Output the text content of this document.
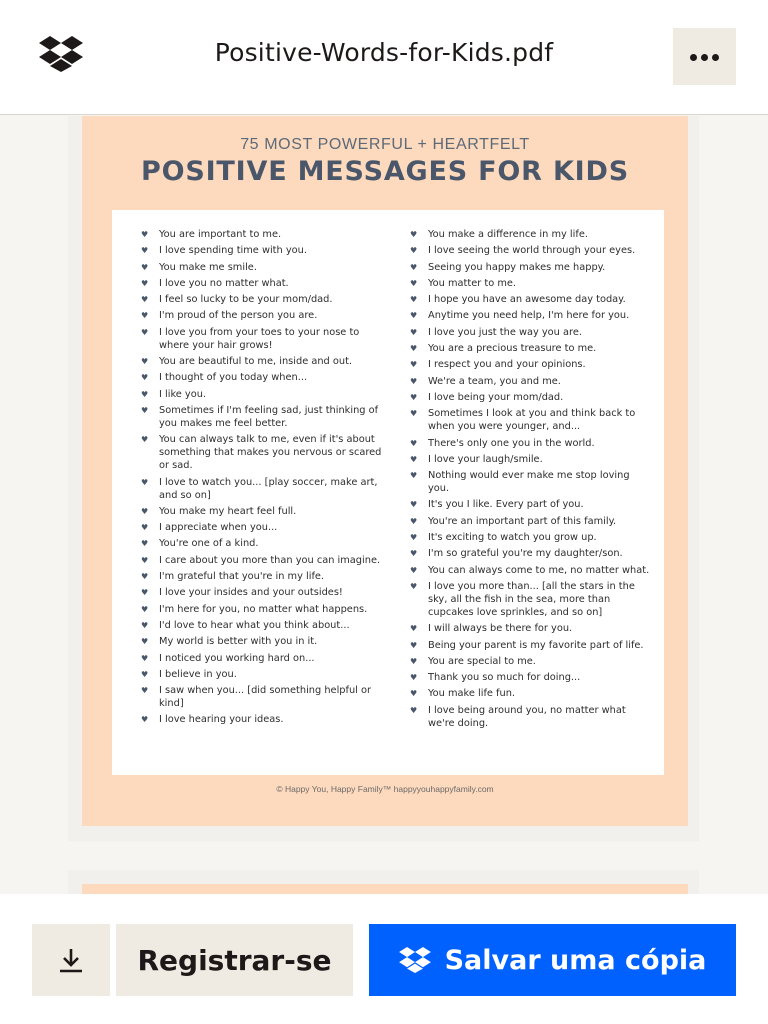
Positive-Words-for-Kids.pdf
75 MOST POWERFUL + HEARTFELT
POSITIVE MESSAGES FOR KIDS
♥	You are important to me.
♥	I love spending time with you.
♥	You make me smile.
♥	I love you no matter what.
♥	I feel so lucky to be your mom/dad.
♥	I'm proud of the person you are.
♥	I love you from your toes to your nose to where your hair grows!
♥	You are beautiful to me, inside and out.
♥	I thought of you today when...
♥	I like you.
♥	Sometimes if I'm feeling sad, just thinking of you makes me feel better.
♥	You can always talk to me, even if it's about something that makes you nervous or scared or sad.
♥	I love to watch you... [play soccer, make art, and so on]
♥	You make my heart feel full.
♥	I appreciate when you...
♥	You're one of a kind.
♥	I care about you more than you can imagine.
♥	I'm grateful that you're in my life.
♥	I love your insides and your outsides!
♥	I'm here for you, no matter what happens.
♥	I'd love to hear what you think about...
♥	My world is better with you in it.
♥	I noticed you working hard on...
♥	I believe in you.
♥	I saw when you... [did something helpful or kind]
♥	I love hearing your ideas.
♥	You make a difference in my life.
♥	I love seeing the world through your eyes.
♥	Seeing you happy makes me happy.
♥	You matter to me.
♥	I hope you have an awesome day today.
♥	Anytime you need help, I'm here for you.
♥	I love you just the way you are.
♥	You are a precious treasure to me.
♥	I respect you and your opinions.
♥	We're a team, you and me.
♥	I love being your mom/dad.
♥	Sometimes I look at you and think back to when you were younger, and...
♥	There's only one you in the world.
♥	I love your laugh/smile.
♥	Nothing would ever make me stop loving you.
♥	It's you I like. Every part of you.
♥	You're an important part of this family.
♥	It's exciting to watch you grow up.
♥	I'm so grateful you're my daughter/son.
♥	You can always come to me, no matter what.
♥	I love you more than... [all the stars in the sky, all the fish in the sea, more than cupcakes love sprinkles, and so on]
♥	I will always be there for you.
♥	Being your parent is my favorite part of life.
♥	You are special to me.
♥	Thank you so much for doing...
♥	You make life fun.
♥	I love being around you, no matter what we're doing.
© Happy You, Happy Family™ happyyouhappyfamily.com
Registrar-se	Salvar uma cópia
